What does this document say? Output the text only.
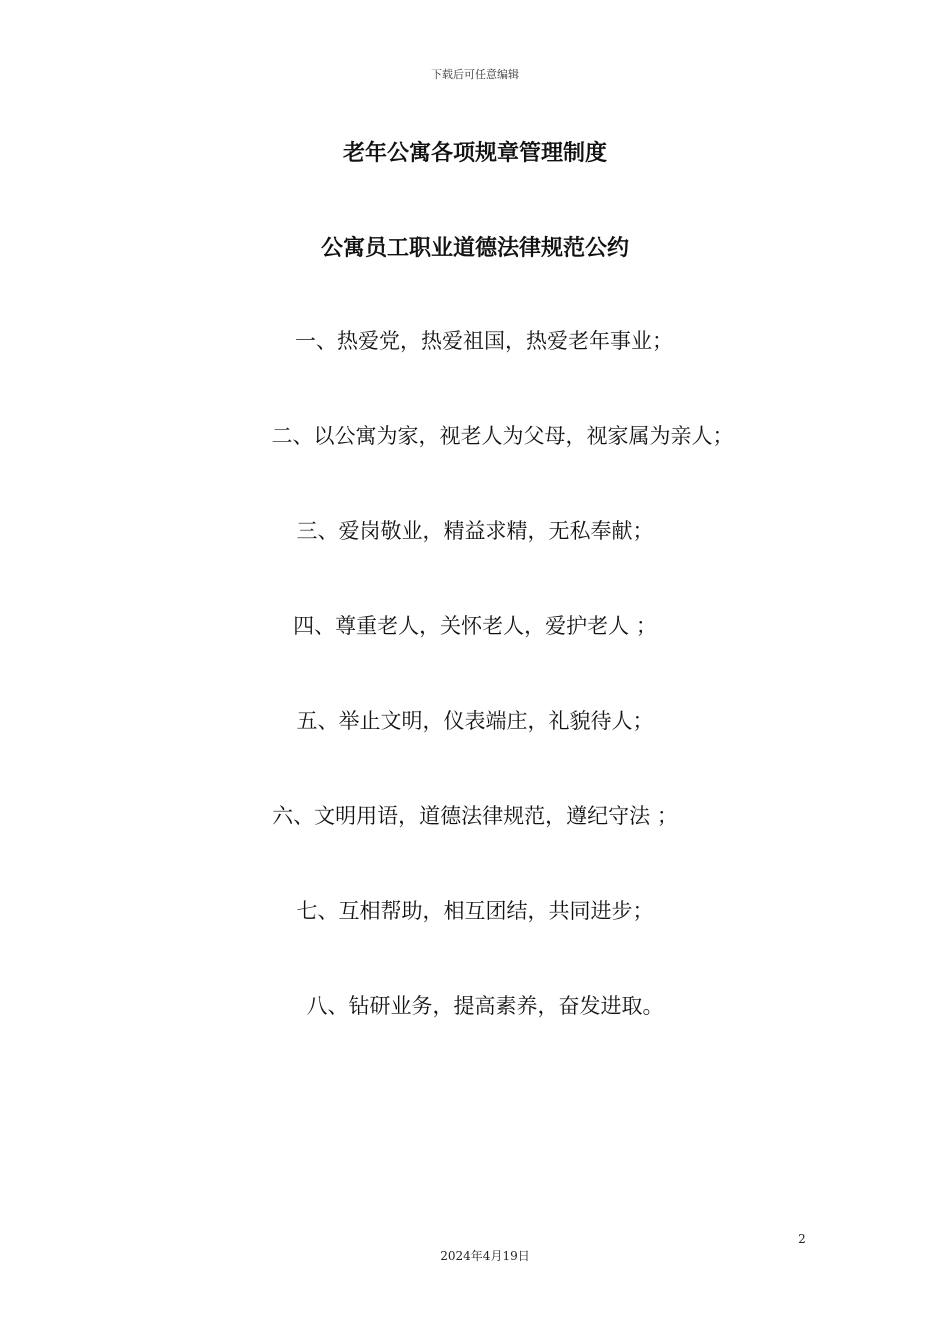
下载后可任意编辑
老年公寓各项规章管理制度
公寓员工职业道德法律规范公约
一、热爱党，热爱祖国，热爱老年事业；
二、以公寓为家，视老人为父母，视家属为亲人；
三、爱岗敬业，精益求精，无私奉献；
四、尊重老人，关怀老人，爱护老人 ；
五、举止文明，仪表端庄，礼貌待人；
六、文明用语，道德法律规范，遵纪守法 ；
七、互相帮助，相互团结，共同进步；
八、钻研业务，提高素养，奋发进取。
2
2024年4月19日
